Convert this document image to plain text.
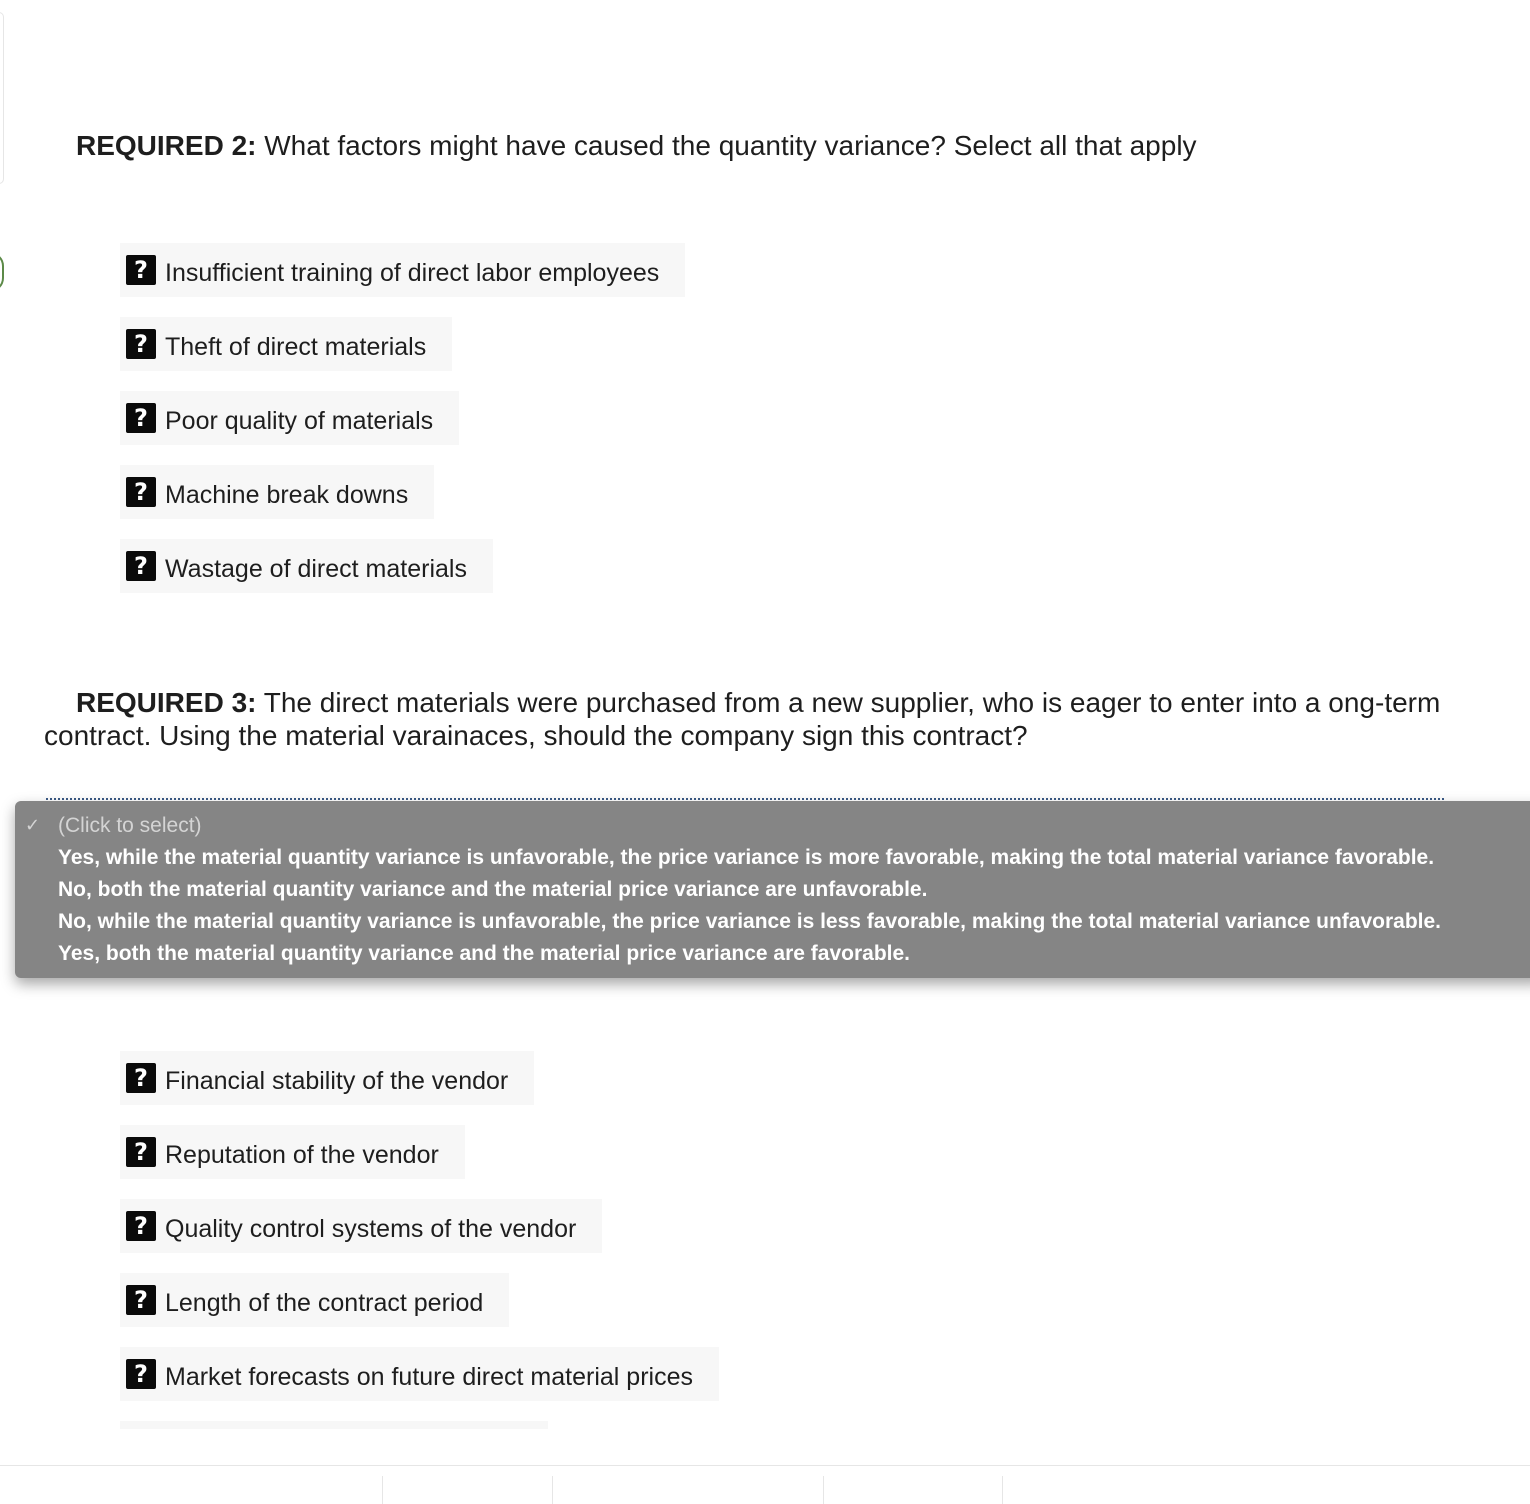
REQUIRED 2: What factors might have caused the quantity variance? Select all that apply

? Insufficient training of direct labor employees
? Theft of direct materials
? Poor quality of materials
? Machine break downs
? Wastage of direct materials

REQUIRED 3: The direct materials were purchased from a new supplier, who is eager to enter into a ong-term contract. Using the material varainaces, should the company sign this contract?

✓ (Click to select)
Yes, while the material quantity variance is unfavorable, the price variance is more favorable, making the total material variance favorable.
No, both the material quantity variance and the material price variance are unfavorable.
No, while the material quantity variance is unfavorable, the price variance is less favorable, making the total material variance unfavorable.
Yes, both the material quantity variance and the material price variance are favorable.
? Financial stability of the vendor
? Reputation of the vendor
? Quality control systems of the vendor
? Length of the contract period
? Market forecasts on future direct material prices
